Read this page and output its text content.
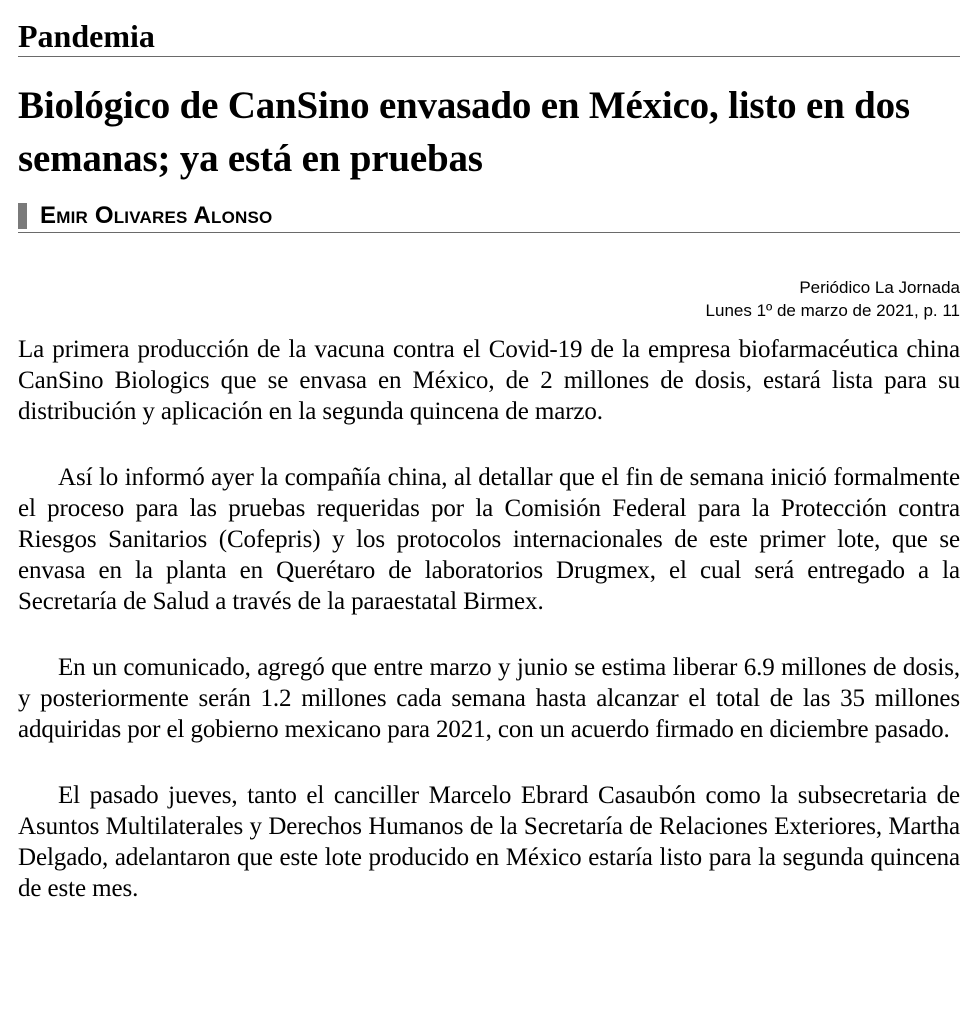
Pandemia
Biológico de CanSino envasado en México, listo en dos semanas; ya está en pruebas
Emir Olivares Alonso
Periódico La Jornada
Lunes 1º de marzo de 2021, p. 11

La primera producción de la vacuna contra el Covid-19 de la empresa biofarmacéutica china CanSino Biologics que se envasa en México, de 2 millones de dosis, estará lista para su distribución y aplicación en la segunda quincena de marzo.

Así lo informó ayer la compañía china, al detallar que el fin de semana inició formalmente el proceso para las pruebas requeridas por la Comisión Federal para la Protección contra Riesgos Sanitarios (Cofepris) y los protocolos internacionales de este primer lote, que se envasa en la planta en Querétaro de laboratorios Drugmex, el cual será entregado a la Secretaría de Salud a través de la paraestatal Birmex.

En un comunicado, agregó que entre marzo y junio se estima liberar 6.9 millones de dosis, y posteriormente serán 1.2 millones cada semana hasta alcanzar el total de las 35 millones adquiridas por el gobierno mexicano para 2021, con un acuerdo firmado en diciembre pasado.

El pasado jueves, tanto el canciller Marcelo Ebrard Casaubón como la subsecretaria de Asuntos Multilaterales y Derechos Humanos de la Secretaría de Relaciones Exteriores, Martha Delgado, adelantaron que este lote producido en México estaría listo para la segunda quincena de este mes.
